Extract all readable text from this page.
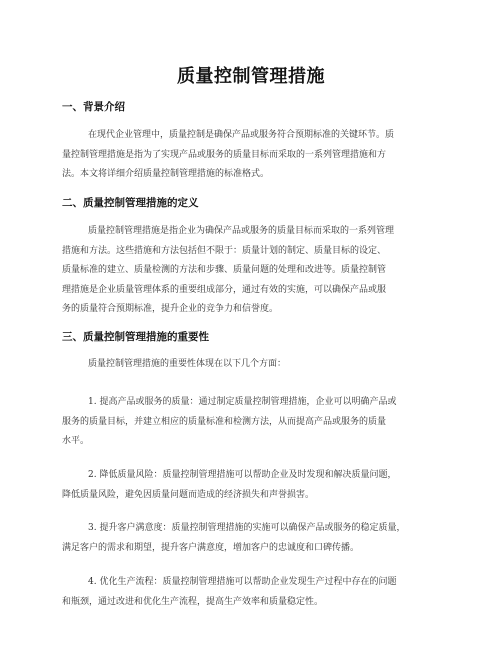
质量控制管理措施
一、背景介绍
在现代企业管理中，质量控制是确保产品或服务符合预期标准的关键环节。质
量控制管理措施是指为了实现产品或服务的质量目标而采取的一系列管理措施和方
法。本文将详细介绍质量控制管理措施的标准格式。
二、质量控制管理措施的定义
质量控制管理措施是指企业为确保产品或服务的质量目标而采取的一系列管理
措施和方法。这些措施和方法包括但不限于：质量计划的制定、质量目标的设定、
质量标准的建立、质量检测的方法和步骤、质量问题的处理和改进等。质量控制管
理措施是企业质量管理体系的重要组成部分，通过有效的实施，可以确保产品或服
务的质量符合预期标准，提升企业的竞争力和信誉度。
三、质量控制管理措施的重要性
质量控制管理措施的重要性体现在以下几个方面：
1. 提高产品或服务的质量：通过制定质量控制管理措施，企业可以明确产品或
服务的质量目标，并建立相应的质量标准和检测方法，从而提高产品或服务的质量
水平。
2. 降低质量风险：质量控制管理措施可以帮助企业及时发现和解决质量问题，
降低质量风险，避免因质量问题而造成的经济损失和声誉损害。
3. 提升客户满意度：质量控制管理措施的实施可以确保产品或服务的稳定质量，
满足客户的需求和期望，提升客户满意度，增加客户的忠诚度和口碑传播。
4. 优化生产流程：质量控制管理措施可以帮助企业发现生产过程中存在的问题
和瓶颈，通过改进和优化生产流程，提高生产效率和质量稳定性。
